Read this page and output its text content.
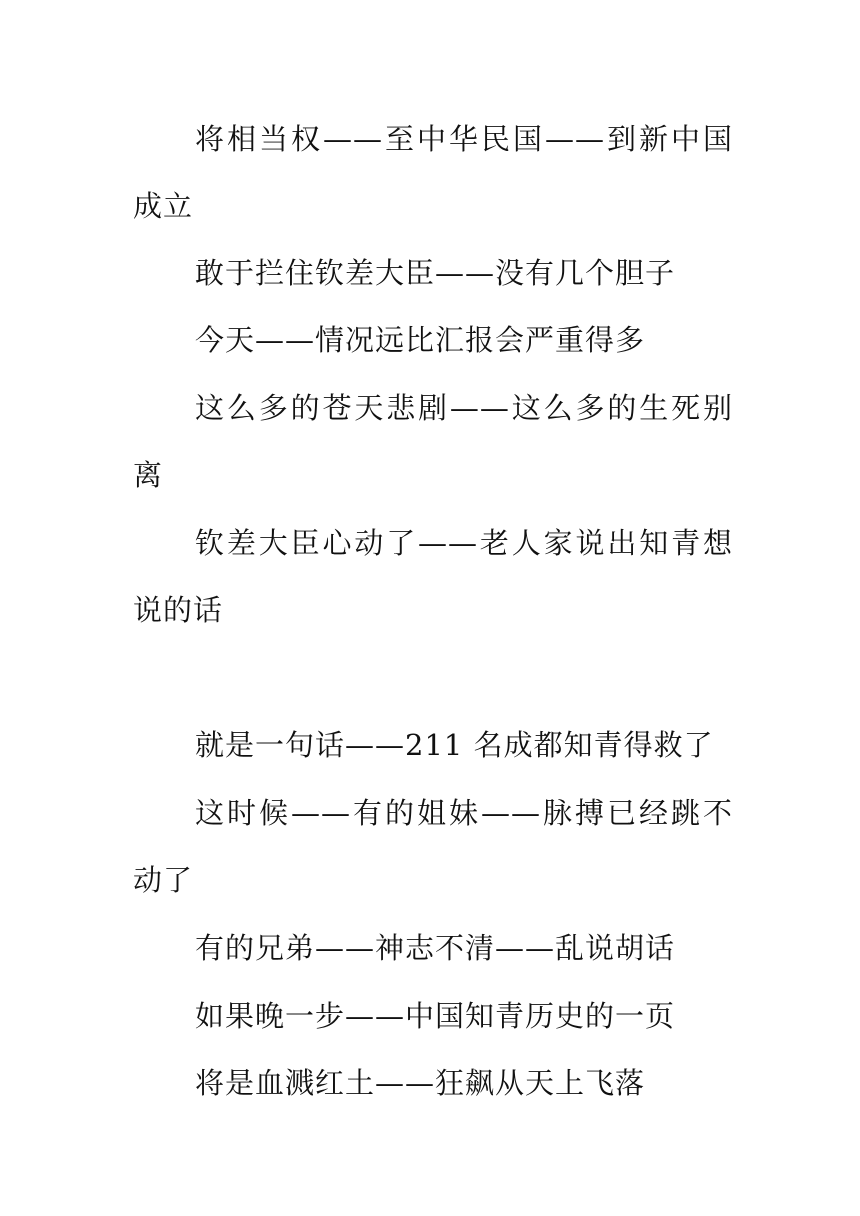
将相当权——至中华民国——到新中国成立

敢于拦住钦差大臣——没有几个胆子

今天——情况远比汇报会严重得多

这么多的苍天悲剧——这么多的生死别离

钦差大臣心动了——老人家说出知青想说的话

就是一句话——211 名成都知青得救了

这时候——有的姐妹——脉搏已经跳不动了

有的兄弟——神志不清——乱说胡话

如果晚一步——中国知青历史的一页

将是血溅红土——狂飙从天上飞落
